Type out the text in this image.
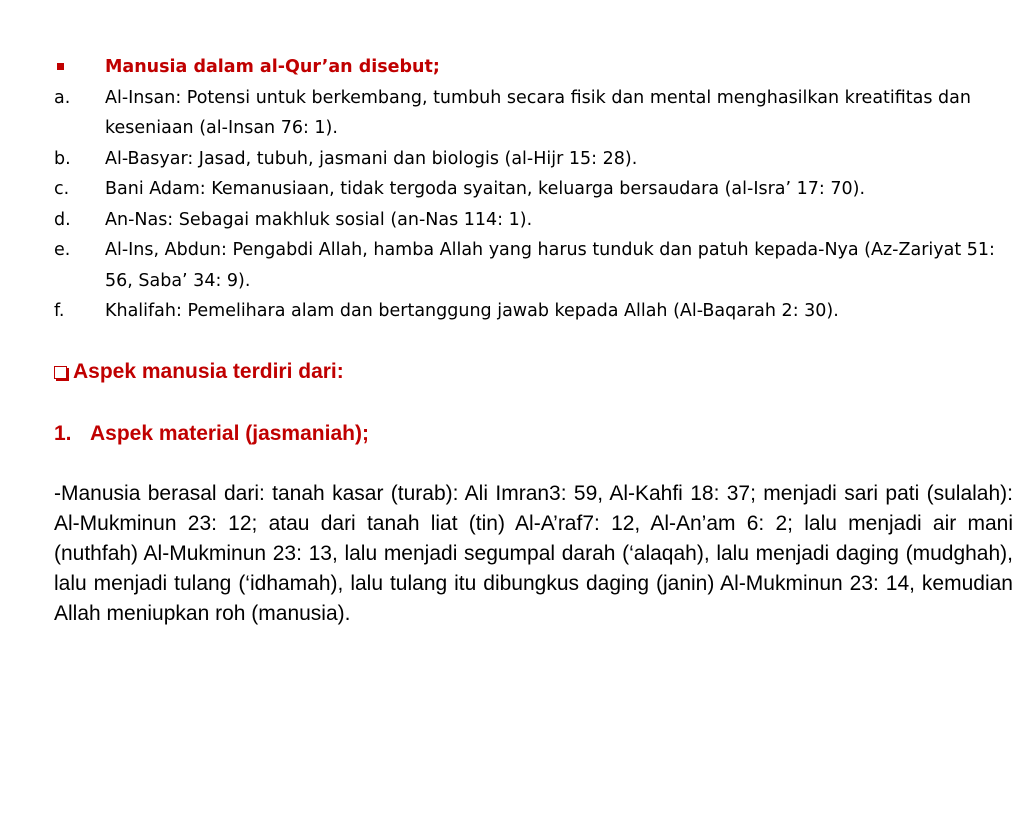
Manusia dalam al-Qur’an disebut;
a.	Al-Insan: Potensi untuk berkembang, tumbuh secara fisik dan mental menghasilkan kreatifitas dan keseniaan (al-Insan 76: 1).
b.	Al-Basyar: Jasad, tubuh, jasmani dan biologis (al-Hijr 15: 28).
c.	Bani Adam: Kemanusiaan, tidak tergoda syaitan, keluarga bersaudara (al-Isra’ 17: 70).
d.	An-Nas: Sebagai makhluk sosial (an-Nas 114: 1).
e.	Al-Ins, Abdun: Pengabdi Allah, hamba Allah yang harus tunduk dan patuh kepada-Nya (Az-Zariyat 51: 56, Saba’ 34: 9).
f.	Khalifah: Pemelihara alam dan bertanggung jawab kepada Allah (Al-Baqarah 2: 30).
Aspek manusia terdiri dari:
1. Aspek material (jasmaniah);
-Manusia berasal dari: tanah kasar (turab): Ali Imran3: 59, Al-Kahfi 18: 37; menjadi sari pati (sulalah): Al-Mukminun 23: 12; atau dari tanah liat (tin) Al-A’raf7: 12, Al-An’am 6: 2; lalu menjadi air mani (nuthfah) Al-Mukminun 23: 13, lalu menjadi segumpal darah (‘alaqah), lalu menjadi daging (mudghah), lalu menjadi tulang (‘idhamah), lalu tulang itu dibungkus daging (janin) Al-Mukminun 23: 14, kemudian Allah meniupkan roh (manusia).
